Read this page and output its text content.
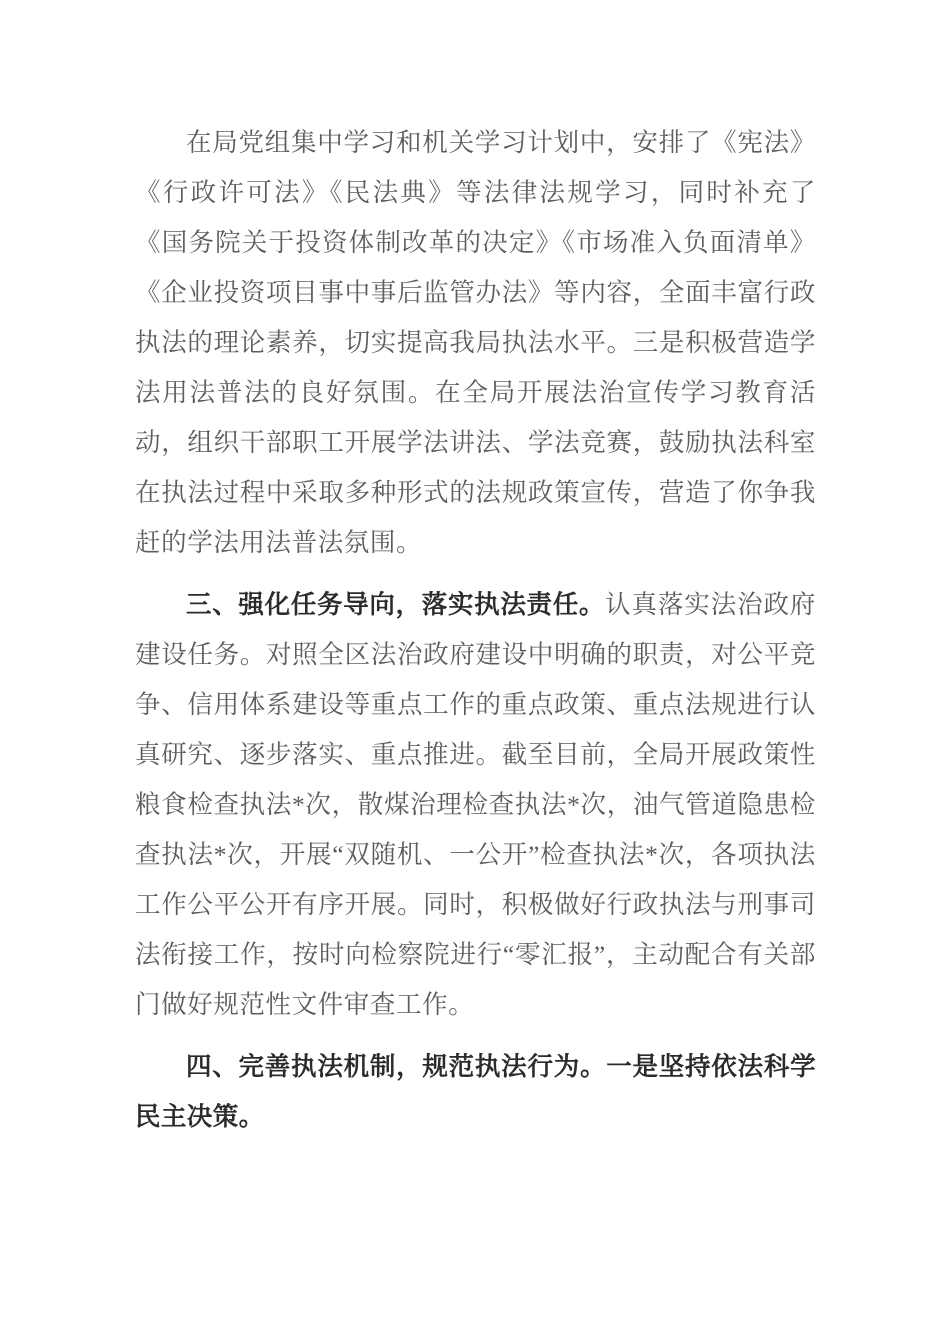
在局党组集中学习和机关学习计划中，安排了《宪法》《行政许可法》《民法典》等法律法规学习，同时补充了《国务院关于投资体制改革的决定》《市场准入负面清单》《企业投资项目事中事后监管办法》等内容，全面丰富行政执法的理论素养，切实提高我局执法水平。三是积极营造学法用法普法的良好氛围。在全局开展法治宣传学习教育活动，组织干部职工开展学法讲法、学法竞赛，鼓励执法科室在执法过程中采取多种形式的法规政策宣传，营造了你争我赶的学法用法普法氛围。

三、强化任务导向，落实执法责任。认真落实法治政府建设任务。对照全区法治政府建设中明确的职责，对公平竞争、信用体系建设等重点工作的重点政策、重点法规进行认真研究、逐步落实、重点推进。截至目前，全局开展政策性粮食检查执法*次，散煤治理检查执法*次，油气管道隐患检查执法*次，开展“双随机、一公开”检查执法*次，各项执法工作公平公开有序开展。同时，积极做好行政执法与刑事司法衔接工作，按时向检察院进行“零汇报”，主动配合有关部门做好规范性文件审查工作。

四、完善执法机制，规范执法行为。一是坚持依法科学民主决策。
